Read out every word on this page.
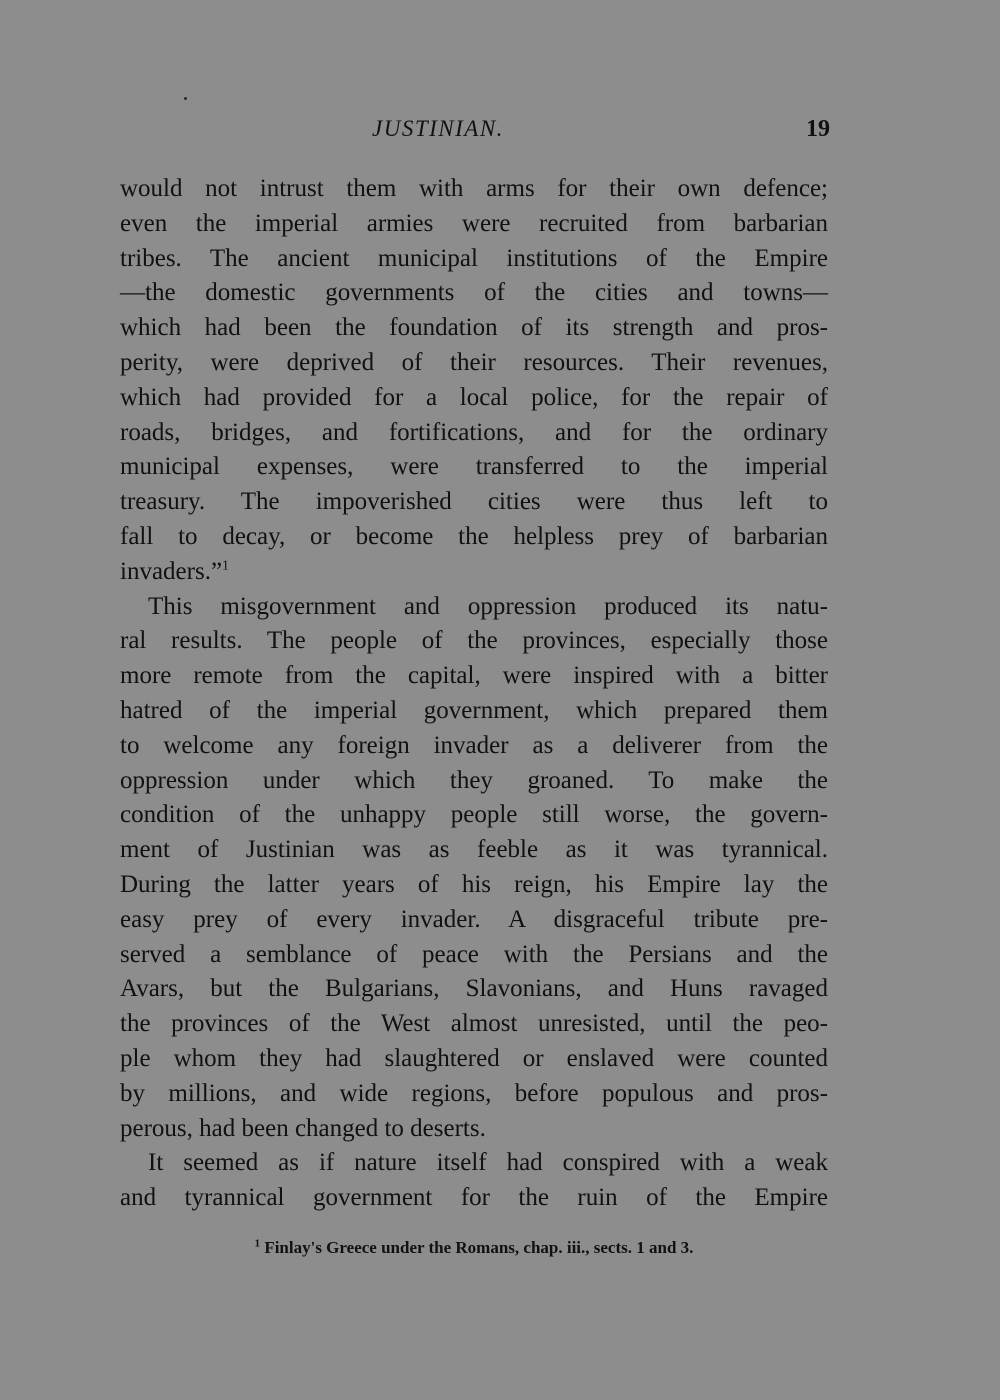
JUSTINIAN.	19
would not intrust them with arms for their own defence;
even the imperial armies were recruited from barbarian
tribes. The ancient municipal institutions of the Empire
—the domestic governments of the cities and towns—
which had been the foundation of its strength and pros-
perity, were deprived of their resources. Their revenues,
which had provided for a local police, for the repair of
roads, bridges, and fortifications, and for the ordinary
municipal expenses, were transferred to the imperial
treasury. The impoverished cities were thus left to
fall to decay, or become the helpless prey of barbarian
invaders.”$^1$
This misgovernment and oppression produced its natu-
ral results. The people of the provinces, especially those
more remote from the capital, were inspired with a bitter
hatred of the imperial government, which prepared them
to welcome any foreign invader as a deliverer from the
oppression under which they groaned. To make the
condition of the unhappy people still worse, the govern-
ment of Justinian was as feeble as it was tyrannical.
During the latter years of his reign, his Empire lay the
easy prey of every invader. A disgraceful tribute pre-
served a semblance of peace with the Persians and the
Avars, but the Bulgarians, Slavonians, and Huns ravaged
the provinces of the West almost unresisted, until the peo-
ple whom they had slaughtered or enslaved were counted
by millions, and wide regions, before populous and pros-
perous, had been changed to deserts.
It seemed as if nature itself had conspired with a weak
and tyrannical government for the ruin of the Empire
$^1$ Finlay's Greece under the Romans, chap. iii., sects. 1 and 3.
